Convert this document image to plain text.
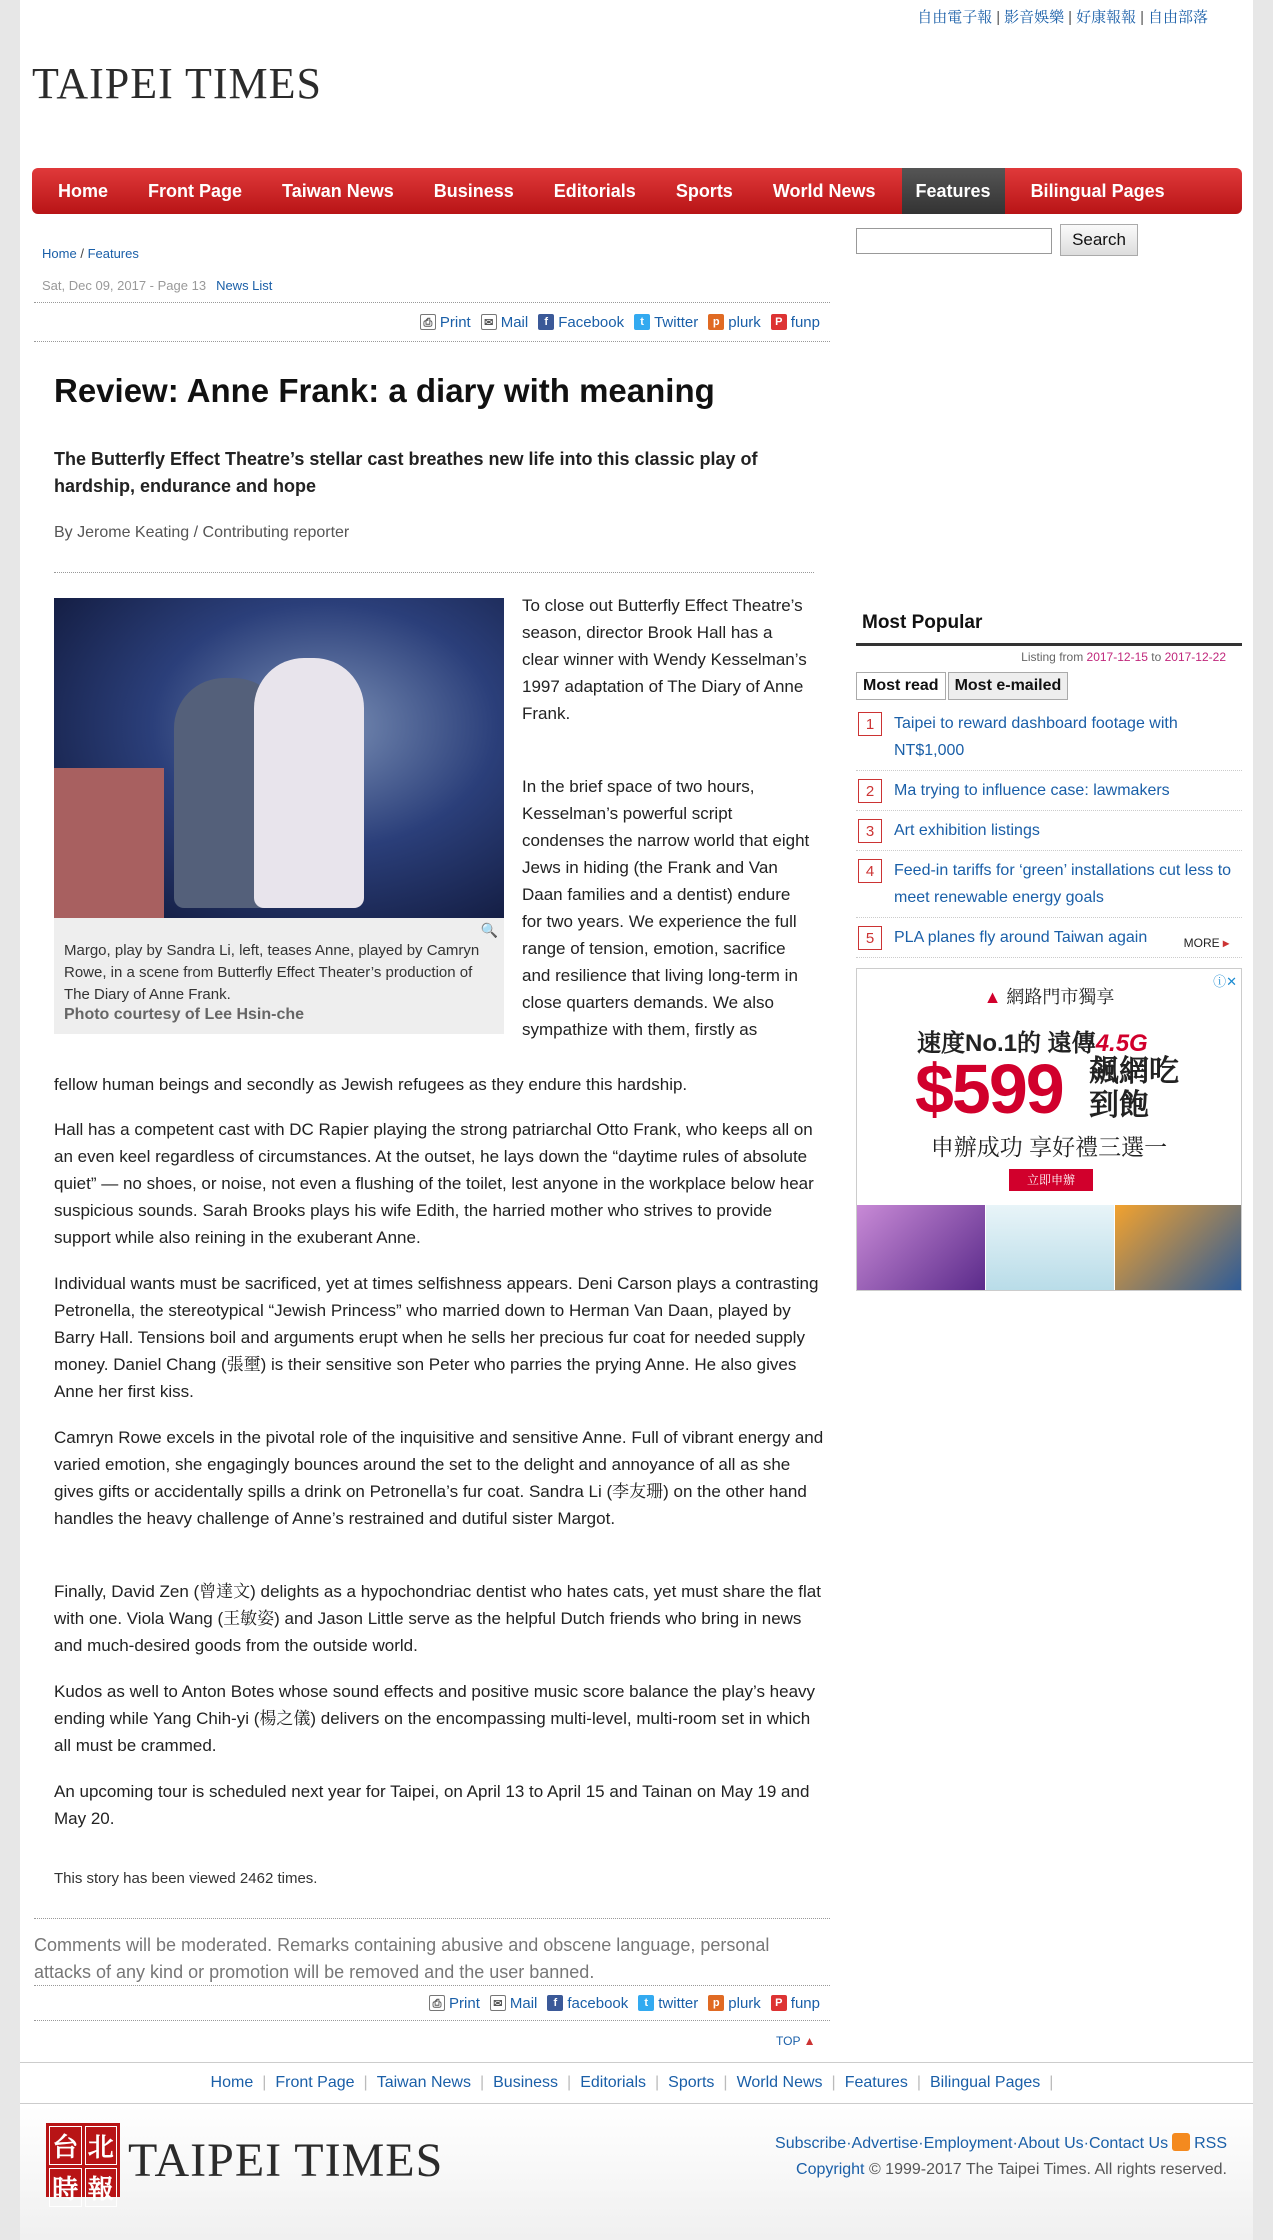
自由電子報 | 影音娛樂 | 好康報報 | 自由部落
TAIPEI TIMES
Home	Front Page	Taiwan News	Business	Editorials	Sports	World News	Features	Bilingual Pages
Home / Features
Sat, Dec 09, 2017 - Page 13 News List
⎙ Print	✉ Mail	f Facebook	t Twitter	p plurk	P funp
Review: Anne Frank: a diary with meaning
The Butterfly Effect Theatre’s stellar cast breathes new life into this classic play of hardship, endurance and hope
By Jerome Keating / Contributing reporter
🔍
Margo, play by Sandra Li, left, teases Anne, played by Camryn Rowe, in a scene from Butterfly Effect Theater’s production of The Diary of Anne Frank.
Photo courtesy of Lee Hsin-che
To close out Butterfly Effect Theatre’s season, director Brook Hall has a clear winner with Wendy Kesselman’s 1997 adaptation of The Diary of Anne Frank.
In the brief space of two hours, Kesselman’s powerful script condenses the narrow world that eight Jews in hiding (the Frank and Van Daan families and a dentist) endure for two years. We experience the full range of tension, emotion, sacrifice and resilience that living long-term in close quarters demands. We also sympathize with them, firstly as
fellow human beings and secondly as Jewish refugees as they endure this hardship.
Hall has a competent cast with DC Rapier playing the strong patriarchal Otto Frank, who keeps all on an even keel regardless of circumstances. At the outset, he lays down the “daytime rules of absolute quiet” — no shoes, or noise, not even a flushing of the toilet, lest anyone in the workplace below hear suspicious sounds. Sarah Brooks plays his wife Edith, the harried mother who strives to provide support while also reining in the exuberant Anne.
Individual wants must be sacrificed, yet at times selfishness appears. Deni Carson plays a contrasting Petronella, the stereotypical “Jewish Princess” who married down to Herman Van Daan, played by Barry Hall. Tensions boil and arguments erupt when he sells her precious fur coat for needed supply money. Daniel Chang (張壐) is their sensitive son Peter who parries the prying Anne. He also gives Anne her first kiss.
Camryn Rowe excels in the pivotal role of the inquisitive and sensitive Anne. Full of vibrant energy and varied emotion, she engagingly bounces around the set to the delight and annoyance of all as she gives gifts or accidentally spills a drink on Petronella’s fur coat. Sandra Li (李友珊) on the other hand handles the heavy challenge of Anne’s restrained and dutiful sister Margot.
Finally, David Zen (曾達文) delights as a hypochondriac dentist who hates cats, yet must share the flat with one. Viola Wang (王敏姿) and Jason Little serve as the helpful Dutch friends who bring in news and much-desired goods from the outside world.
Kudos as well to Anton Botes whose sound effects and positive music score balance the play’s heavy ending while Yang Chih-yi (楊之儀) delivers on the encompassing multi-level, multi-room set in which all must be crammed.
An upcoming tour is scheduled next year for Taipei, on April 13 to April 15 and Tainan on May 19 and May 20.
This story has been viewed 2462 times.
Comments will be moderated. Remarks containing abusive and obscene language, personal attacks of any kind or promotion will be removed and the user banned.
⎙ Print	✉ Mail	f facebook	t twitter	p plurk	P funp
TOP ▲
Search
Most Popular
Listing from 2017-12-15 to 2017-12-22
Most read	Most e-mailed
1	Taipei to reward dashboard footage with NT$1,000
2	Ma trying to influence case: lawmakers
3	Art exhibition listings
4	Feed-in tariffs for ‘green’ installations cut less to meet renewable energy goals
5	PLA planes fly around Taiwan again	MORE ▸
ⓘ✕
▲ 網路門市獨享
速度No.1的 遠傳4.5G
$599 飆網吃到飽
申辦成功 享好禮三選一
立即申辦
Home | Front Page | Taiwan News | Business | Editorials | Sports | World News | Features | Bilingual Pages |
台 北
時 報
TAIPEI TIMES	Subscribe·Advertise·Employment·About Us·Contact Us RSS
Copyright © 1999-2017 The Taipei Times. All rights reserved.
